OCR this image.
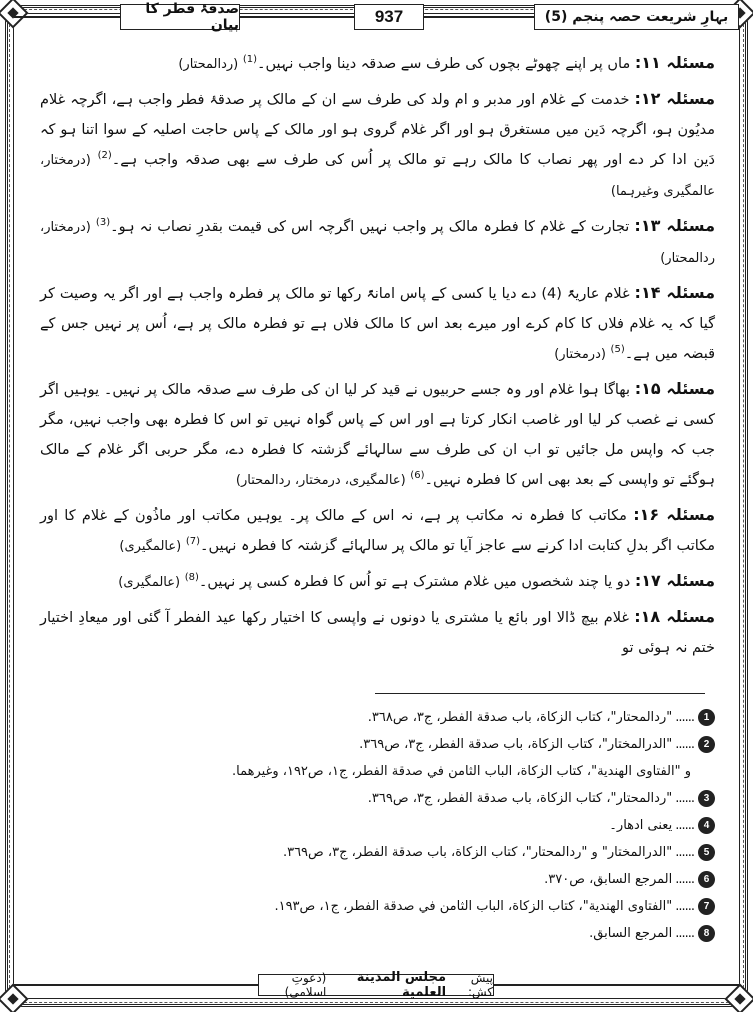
صدقۂ فطر کا بیان	937	بہارِ شریعت حصہ پنجم (5)

مسئلہ ۱۱: ماں پر اپنے چھوٹے بچوں کی طرف سے صدقہ دینا واجب نہیں۔$^{(1)}$ (ردالمحتار)

مسئلہ ۱۲: خدمت کے غلام اور مدبر و ام ولد کی طرف سے ان کے مالک پر صدقۂ فطر واجب ہے، اگرچہ غلام مدیُون ہو، اگرچہ دَین میں مستغرق ہو اور اگر غلام گروی ہو اور مالک کے پاس حاجت اصلیہ کے سوا اتنا ہو کہ دَین ادا کر دے اور پھر نصاب کا مالک رہے تو مالک پر اُس کی طرف سے بھی صدقہ واجب ہے۔$^{(2)}$ (درمختار، عالمگیری وغیرہما)

مسئلہ ۱۳: تجارت کے غلام کا فطرہ مالک پر واجب نہیں اگرچہ اس کی قیمت بقدرِ نصاب نہ ہو۔$^{(3)}$ (درمختار، ردالمحتار)

مسئلہ ۱۴: غلام عاریۃً (4) دے دیا یا کسی کے پاس امانۃً رکھا تو مالک پر فطرہ واجب ہے اور اگر یہ وصیت کر گیا کہ یہ غلام فلاں کا کام کرے اور میرے بعد اس کا مالک فلاں ہے تو فطرہ مالک پر ہے، اُس پر نہیں جس کے قبضہ میں ہے۔$^{(5)}$ (درمختار)

مسئلہ ۱۵: بھاگا ہوا غلام اور وہ جسے حربیوں نے قید کر لیا ان کی طرف سے صدقہ مالک پر نہیں۔ یوہیں اگر کسی نے غصب کر لیا اور غاصب انکار کرتا ہے اور اس کے پاس گواہ نہیں تو اس کا فطرہ بھی واجب نہیں، مگر جب کہ واپس مل جائیں تو اب ان کی طرف سے سالہائے گزشتہ کا فطرہ دے، مگر حربی اگر غلام کے مالک ہوگئے تو واپسی کے بعد بھی اس کا فطرہ نہیں۔$^{(6)}$ (عالمگیری، درمختار، ردالمحتار)

مسئلہ ۱۶: مکاتب کا فطرہ نہ مکاتب پر ہے، نہ اس کے مالک پر۔ یوہیں مکاتب اور ماذُون کے غلام کا اور مکاتب اگر بدلِ کتابت ادا کرنے سے عاجز آیا تو مالک پر سالہائے گزشتہ کا فطرہ نہیں۔$^{(7)}$ (عالمگیری)

مسئلہ ۱۷: دو یا چند شخصوں میں غلام مشترک ہے تو اُس کا فطرہ کسی پر نہیں۔$^{(8)}$ (عالمگیری)

مسئلہ ۱۸: غلام بیچ ڈالا اور بائع یا مشتری یا دونوں نے واپسی کا اختیار رکھا عید الفطر آ گئی اور میعادِ اختیار ختم نہ ہوئی تو

1
......
"ردالمحتار"، كتاب الزكاة، باب صدقة الفطر، ج٣، ص٣٦٨.
2
......
"الدرالمختار"، كتاب الزكاة، باب صدقة الفطر، ج٣، ص٣٦٩.
و "الفتاوى الهندية"، كتاب الزكاة، الباب الثامن في صدقة الفطر، ج١، ص١٩٢، وغيرهما.
3
......
"ردالمحتار"، كتاب الزكاة، باب صدقة الفطر، ج٣، ص٣٦٩.
4
......
یعنی ادھار۔
5
......
"الدرالمختار" و "ردالمحتار"، كتاب الزكاة، باب صدقة الفطر، ج٣، ص٣٦٩.
6
......
المرجع السابق، ص٣٧٠.
7
......
"الفتاوى الهندية"، كتاب الزكاة، الباب الثامن في صدقة الفطر، ج١، ص١٩٣.
8
......
المرجع السابق.
پیش کش:
مجلس المدينة العلمية
(دعوتِ اسلامی)
